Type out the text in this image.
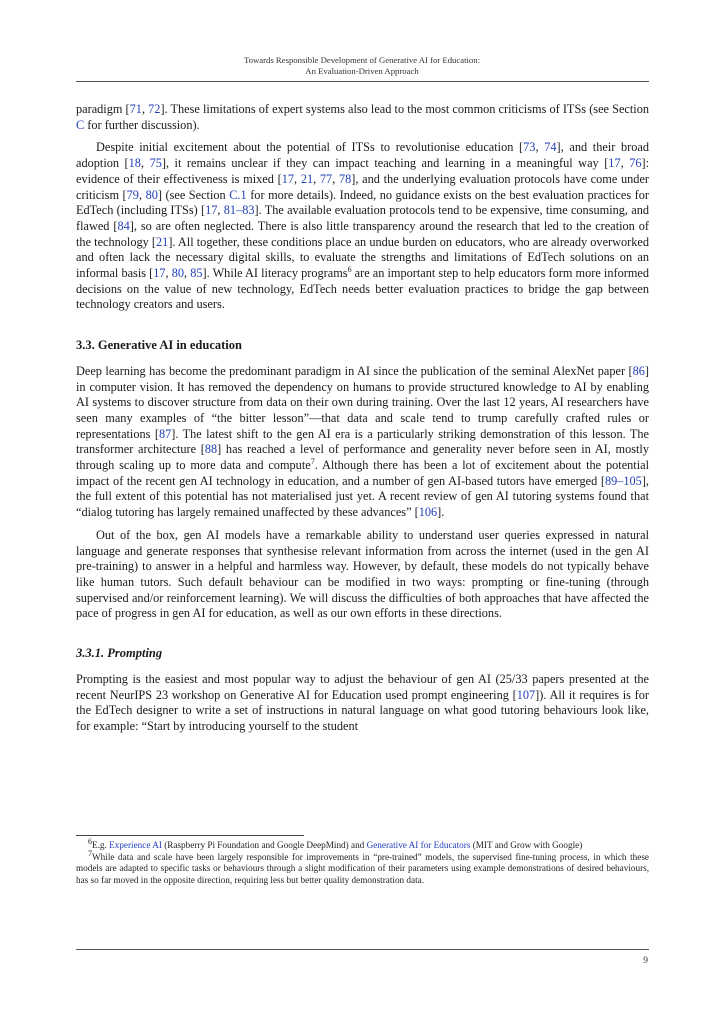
Towards Responsible Development of Generative AI for Education:
An Evaluation-Driven Approach

paradigm [71, 72]. These limitations of expert systems also lead to the most common criticisms of ITSs (see Section C for further discussion).

Despite initial excitement about the potential of ITSs to revolutionise education [73, 74], and their broad adoption [18, 75], it remains unclear if they can impact teaching and learning in a meaningful way [17, 76]: evidence of their effectiveness is mixed [17, 21, 77, 78], and the underlying evaluation protocols have come under criticism [79, 80] (see Section C.1 for more details). Indeed, no guidance exists on the best evaluation practices for EdTech (including ITSs) [17, 81–83]. The available evaluation protocols tend to be expensive, time consuming, and flawed [84], so are often neglected. There is also little transparency around the research that led to the creation of the technology [21]. All together, these conditions place an undue burden on educators, who are already overworked and often lack the necessary digital skills, to evaluate the strengths and limitations of EdTech solutions on an informal basis [17, 80, 85]. While AI literacy programs$^6$ are an important step to help educators form more informed decisions on the value of new technology, EdTech needs better evaluation practices to bridge the gap between technology creators and users.

3.3. Generative AI in education

Deep learning has become the predominant paradigm in AI since the publication of the seminal AlexNet paper [86] in computer vision. It has removed the dependency on humans to provide structured knowledge to AI by enabling AI systems to discover structure from data on their own during training. Over the last 12 years, AI researchers have seen many examples of “the bitter lesson”—that data and scale tend to trump carefully crafted rules or representations [87]. The latest shift to the gen AI era is a particularly striking demonstration of this lesson. The transformer architecture [88] has reached a level of performance and generality never before seen in AI, mostly through scaling up to more data and compute$^7$. Although there has been a lot of excitement about the potential impact of the recent gen AI technology in education, and a number of gen AI-based tutors have emerged [89–105], the full extent of this potential has not materialised just yet. A recent review of gen AI tutoring systems found that “dialog tutoring has largely remained unaffected by these advances” [106].

Out of the box, gen AI models have a remarkable ability to understand user queries expressed in natural language and generate responses that synthesise relevant information from across the internet (used in the gen AI pre-training) to answer in a helpful and harmless way. However, by default, these models do not typically behave like human tutors. Such default behaviour can be modified in two ways: prompting or fine-tuning (through supervised and/or reinforcement learning). We will discuss the difficulties of both approaches that have affected the pace of progress in gen AI for education, as well as our own efforts in these directions.

3.3.1. Prompting

Prompting is the easiest and most popular way to adjust the behaviour of gen AI (25/33 papers presented at the recent NeurIPS 23 workshop on Generative AI for Education used prompt engineering [107]). All it requires is for the EdTech designer to write a set of instructions in natural language on what good tutoring behaviours look like, for example: “Start by introducing yourself to the student

$^6$E.g. Experience AI (Raspberry Pi Foundation and Google DeepMind) and Generative AI for Educators (MIT and Grow with Google)

$^7$While data and scale have been largely responsible for improvements in “pre-trained” models, the supervised fine-tuning process, in which these models are adapted to specific tasks or behaviours through a slight modification of their parameters using example demonstrations of desired behaviours, has so far moved in the opposite direction, requiring less but better quality demonstration data.

9
